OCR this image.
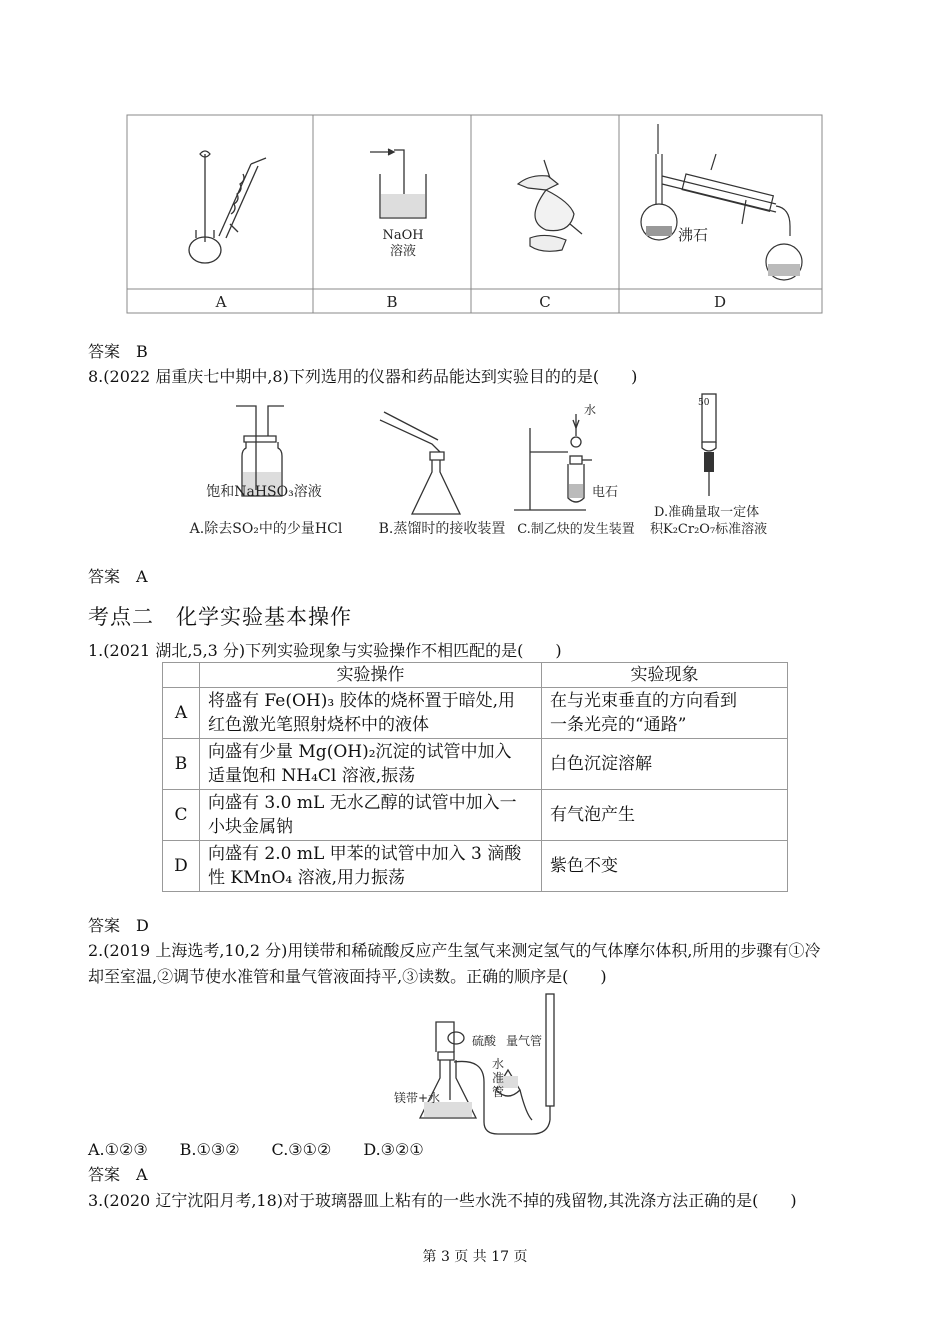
NaOH
溶液
沸石
A	B	C	D
答案　B
8.(2022 届重庆七中期中,8)下列选用的仪器和药品能达到实验目的的是(　　)
饱和NaHSO₃溶液
A.除去SO₂中的少量HCl	B.蒸馏时的接收装置
水
电石
C.制乙炔的发生装置
50
D.准确量取一定体
积K₂Cr₂O₇标准溶液
答案　A
考点二　化学实验基本操作
1.(2021 湖北,5,3 分)下列实验现象与实验操作不相匹配的是(　　)
	实验操作	实验现象
A	将盛有 Fe(OH)₃ 胶体的烧杯置于暗处,用
红色激光笔照射烧杯中的液体	在与光束垂直的方向看到
一条光亮的“通路”
B	向盛有少量 Mg(OH)₂沉淀的试管中加入
适量饱和 NH₄Cl 溶液,振荡	白色沉淀溶解
C	向盛有 3.0 mL 无水乙醇的试管中加入一
小块金属钠	有气泡产生
D	向盛有 2.0 mL 甲苯的试管中加入 3 滴酸
性 KMnO₄ 溶液,用力振荡	紫色不变
答案　D
2.(2019 上海选考,10,2 分)用镁带和稀硫酸反应产生氢气来测定氢气的气体摩尔体积,所用的步骤有①冷
却至室温,②调节使水准管和量气管液面持平,③读数。正确的顺序是(　　)
硫酸 量气管
水
准
管
镁带+水
A.①②③　　B.①③②　　C.③①②　　D.③②①
答案　A
3.(2020 辽宁沈阳月考,18)对于玻璃器皿上粘有的一些水洗不掉的残留物,其洗涤方法正确的是(　　)
第 3 页 共 17 页
